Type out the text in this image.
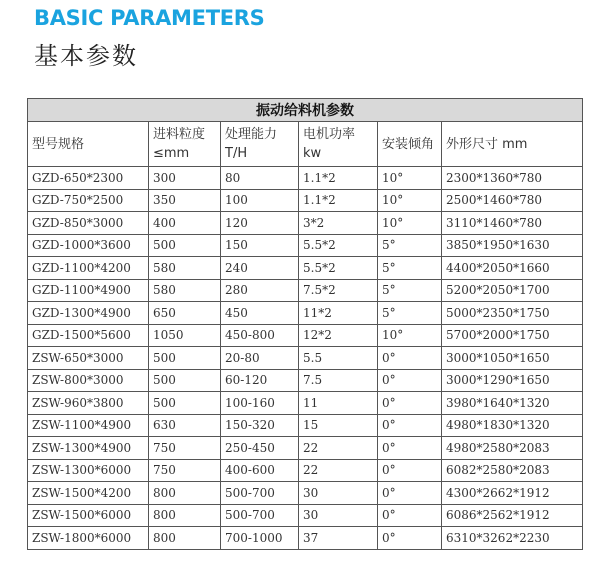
BASIC PARAMETERS
基本参数
振动给料机参数					
型号规格	进料粒度 ≤mm	处理能力 T/H	电机功率 kw	安装倾角	外形尺寸 mm
GZD-650*2300	300	80	1.1*2	10°	2300*1360*780
GZD-750*2500	350	100	1.1*2	10°	2500*1460*780
GZD-850*3000	400	120	3*2	10°	3110*1460*780
GZD-1000*3600	500	150	5.5*2	5°	3850*1950*1630
GZD-1100*4200	580	240	5.5*2	5°	4400*2050*1660
GZD-1100*4900	580	280	7.5*2	5°	5200*2050*1700
GZD-1300*4900	650	450	11*2	5°	5000*2350*1750
GZD-1500*5600	1050	450-800	12*2	10°	5700*2000*1750
ZSW-650*3000	500	20-80	5.5	0°	3000*1050*1650
ZSW-800*3000	500	60-120	7.5	0°	3000*1290*1650
ZSW-960*3800	500	100-160	11	0°	3980*1640*1320
ZSW-1100*4900	630	150-320	15	0°	4980*1830*1320
ZSW-1300*4900	750	250-450	22	0°	4980*2580*2083
ZSW-1300*6000	750	400-600	22	0°	6082*2580*2083
ZSW-1500*4200	800	500-700	30	0°	4300*2662*1912
ZSW-1500*6000	800	500-700	30	0°	6086*2562*1912
ZSW-1800*6000	800	700-1000	37	0°	6310*3262*2230
